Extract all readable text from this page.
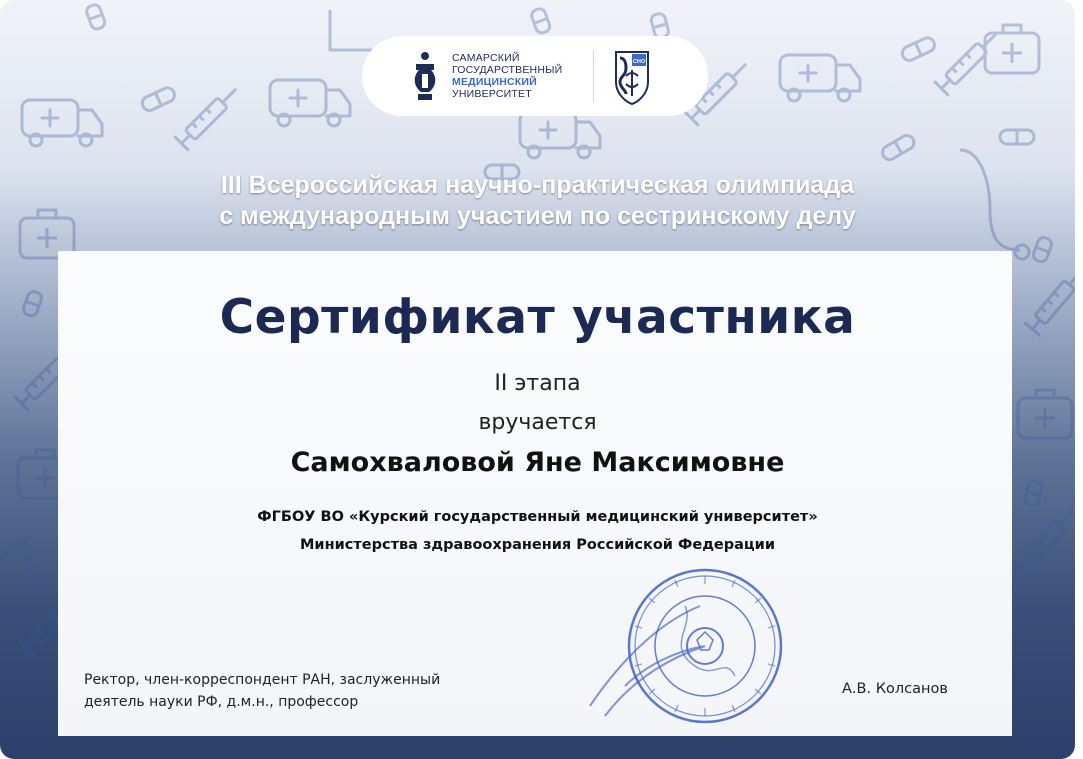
САМАРСКИЙ
ГОСУДАРСТВЕННЫЙ
МЕДИЦИНСКИЙ
УНИВЕРСИТЕТ
СНО
III Всероссийская научно-практическая олимпиада
с международным участием по сестринскому делу
Сертификат участника
II этапа
вручается
Самохваловой Яне Максимовне
ФГБОУ ВО «Курский государственный медицинский университет»
Министерства здравоохранения Российской Федерации
Ректор, член-корреспондент РАН, заслуженный
деятель науки РФ, д.м.н., профессор
А.В. Колсанов
